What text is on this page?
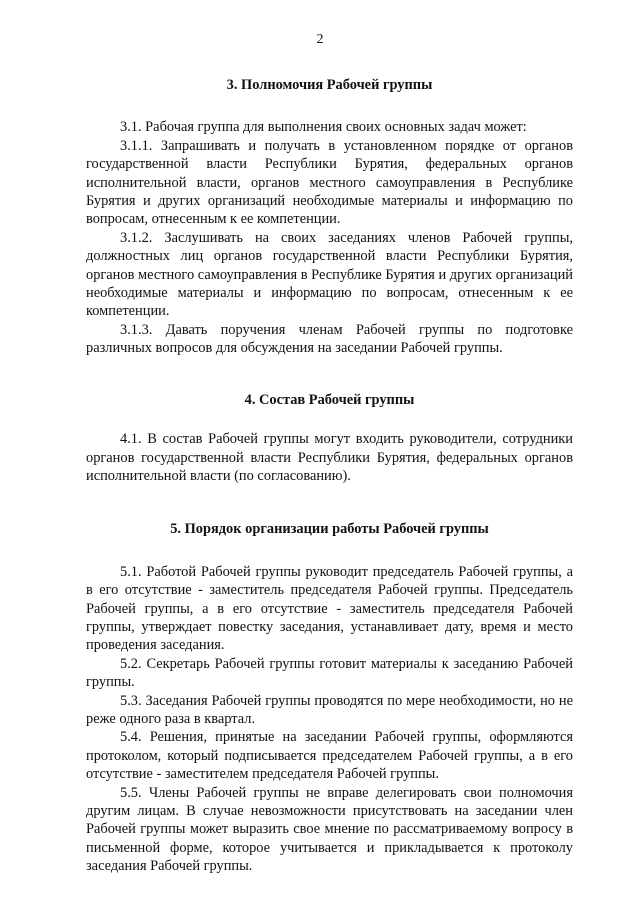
2
3. Полномочия Рабочей группы

3.1. Рабочая группа для выполнения своих основных задач может:

3.1.1. Запрашивать и получать в установленном порядке от органов государственной власти Республики Бурятия, федеральных органов исполнительной власти, органов местного самоуправления в Республике Бурятия и других организаций необходимые материалы и информацию по вопросам, отнесенным к ее компетенции.

3.1.2. Заслушивать на своих заседаниях членов Рабочей группы, должностных лиц органов государственной власти Республики Бурятия, органов местного самоуправления в Республике Бурятия и других организаций необходимые материалы и информацию по вопросам, отнесенным к ее компетенции.

3.1.3. Давать поручения членам Рабочей группы по подготовке различных вопросов для обсуждения на заседании Рабочей группы.

4. Состав Рабочей группы

4.1. В состав Рабочей группы могут входить руководители, сотрудники органов государственной власти Республики Бурятия, федеральных органов исполнительной власти (по согласованию).

5. Порядок организации работы Рабочей группы

5.1. Работой Рабочей группы руководит председатель Рабочей группы, а в его отсутствие - заместитель председателя Рабочей группы. Председатель Рабочей группы, а в его отсутствие - заместитель председателя Рабочей группы, утверждает повестку заседания, устанавливает дату, время и место проведения заседания.

5.2. Секретарь Рабочей группы готовит материалы к заседанию Рабочей группы.

5.3. Заседания Рабочей группы проводятся по мере необходимости, но не реже одного раза в квартал.

5.4. Решения, принятые на заседании Рабочей группы, оформляются протоколом, который подписывается председателем Рабочей группы, а в его отсутствие - заместителем председателя Рабочей группы.

5.5. Члены Рабочей группы не вправе делегировать свои полномочия другим лицам. В случае невозможности присутствовать на заседании член Рабочей группы может выразить свое мнение по рассматриваемому вопросу в письменной форме, которое учитывается и прикладывается к протоколу заседания Рабочей группы.
